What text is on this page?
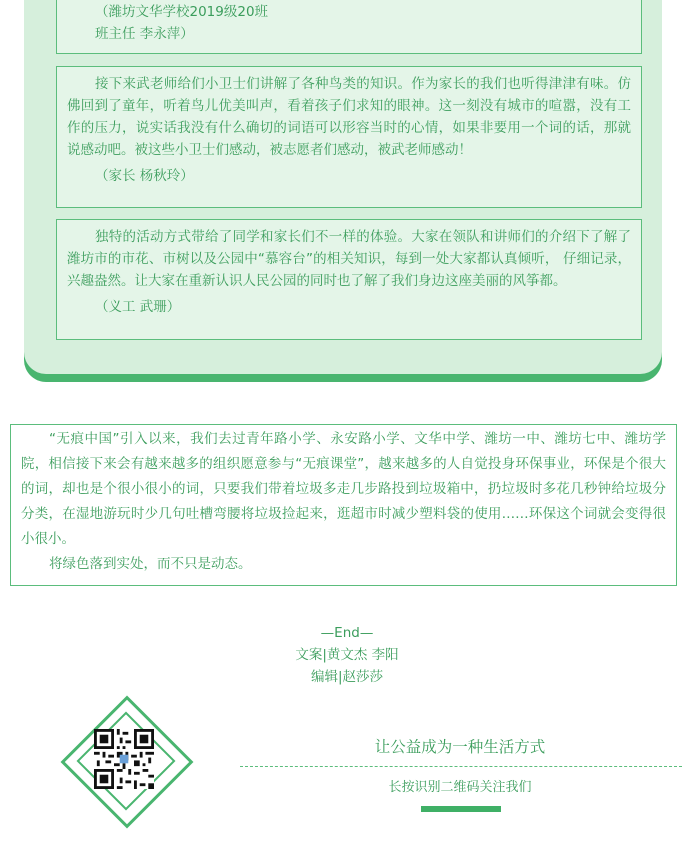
（潍坊文华学校2019级20班

班主任 李永萍）

接下来武老师给们小卫士们讲解了各种鸟类的知识。作为家长的我们也听得津津有味。仿佛回到了童年，听着鸟儿优美叫声，看着孩子们求知的眼神。这一刻没有城市的喧嚣，没有工作的压力，说实话我没有什么确切的词语可以形容当时的心情，如果非要用一个词的话，那就说感动吧。被这些小卫士们感动，被志愿者们感动，被武老师感动！

（家长 杨秋玲）

独特的活动方式带给了同学和家长们不一样的体验。大家在领队和讲师们的介绍下了解了潍坊市的市花、市树以及公园中“慕容台”的相关知识，每到一处大家都认真倾听， 仔细记录，兴趣盎然。让大家在重新认识人民公园的同时也了解了我们身边这座美丽的风筝都。

（义工 武珊）

“无痕中国”引入以来，我们去过青年路小学、永安路小学、文华中学、潍坊一中、潍坊七中、潍坊学院，相信接下来会有越来越多的组织愿意参与“无痕课堂”，越来越多的人自觉投身环保事业，环保是个很大的词，却也是个很小很小的词，只要我们带着垃圾多走几步路投到垃圾箱中，扔垃圾时多花几秒钟给垃圾分分类，在湿地游玩时少几句吐槽弯腰将垃圾捡起来，逛超市时减少塑料袋的使用……环保这个词就会变得很小很小。

将绿色落到实处，而不只是动态。

—End—
文案|黄文杰 李阳
编辑|赵莎莎
让公益成为一种生活方式
长按识别二维码关注我们
